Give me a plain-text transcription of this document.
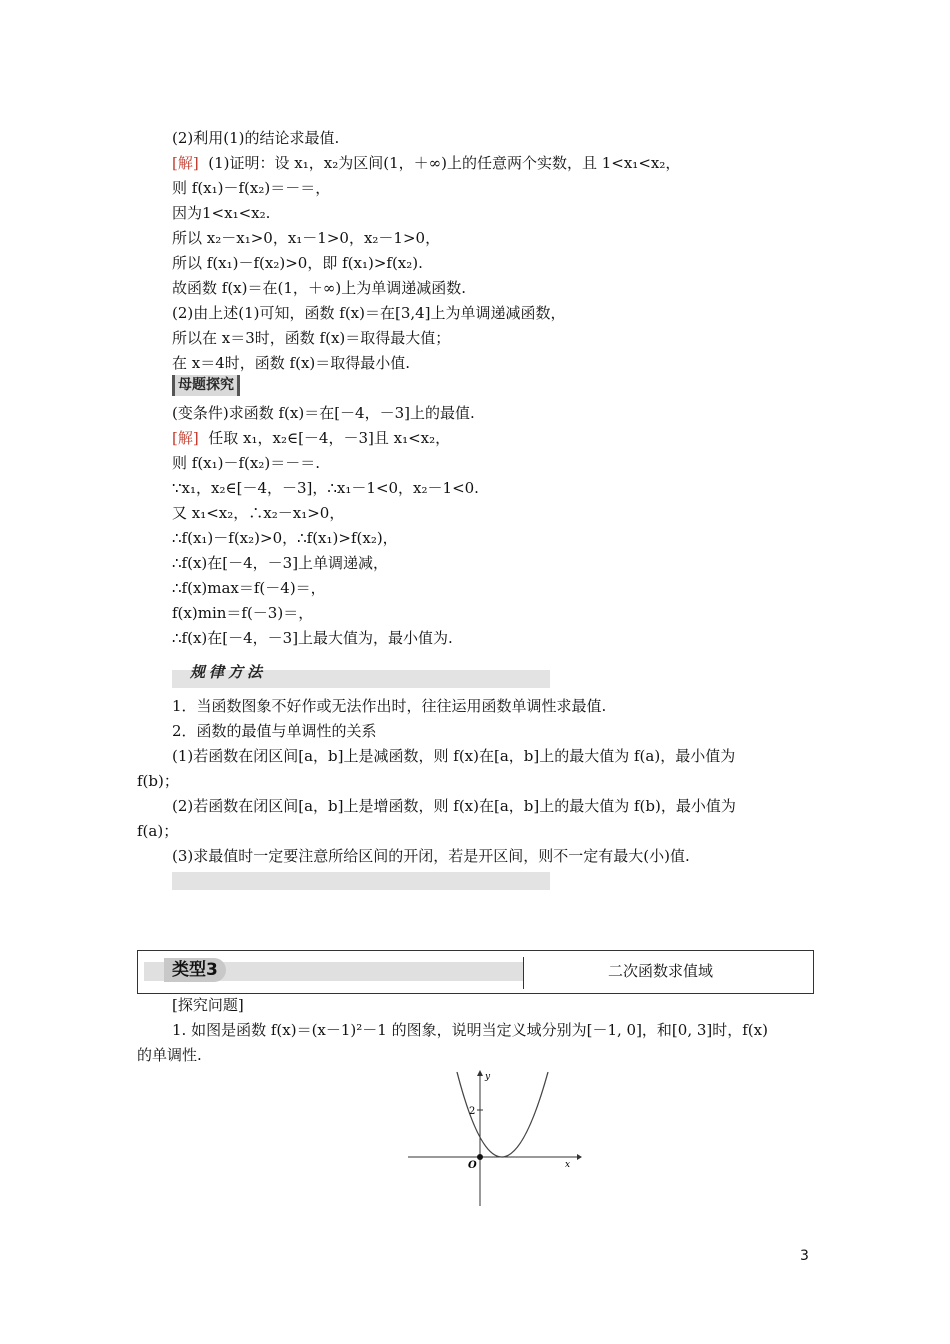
(2)利用(1)的结论求最值.
则 f(x₁)－f(x₂)＝－＝，
因为1<x₁<x₂.
所以 x₂－x₁>0，x₁－1>0，x₂－1>0，
所以 f(x₁)－f(x₂)>0，即 f(x₁)>f(x₂).
故函数 f(x)＝在(1，＋∞)上为单调递减函数.
(2)由上述(1)可知，函数 f(x)＝在[3,4]上为单调递减函数，
所以在 x＝3时，函数 f(x)＝取得最大值；
在 x＝4时，函数 f(x)＝取得最小值.
(变条件)求函数 f(x)＝在[－4，－3]上的最值.
则 f(x₁)－f(x₂)＝－＝.
∵x₁，x₂∈[－4，－3]，∴x₁－1<0，x₂－1<0.
又 x₁<x₂，∴x₂－x₁>0，
∴f(x₁)－f(x₂)>0，∴f(x₁)>f(x₂)，
∴f(x)在[－4，－3]上单调递减，
∴f(x)max＝f(－4)＝，
f(x)min＝f(－3)＝，
∴f(x)在[－4，－3]上最大值为，最小值为.
1．当函数图象不好作或无法作出时，往往运用函数单调性求最值.
2．函数的最值与单调性的关系
(1)若函数在闭区间[a，b]上是减函数，则 f(x)在[a，b]上的最大值为 f(a)，最小值为
f(b)；
(2)若函数在闭区间[a，b]上是增函数，则 f(x)在[a，b]上的最大值为 f(b)，最小值为
f(a)；
(3)求最值时一定要注意所给区间的开闭，若是开区间，则不一定有最大(小)值.
[探究问题]
1. 如图是函数 f(x)＝(x－1)²－1 的图象，说明当定义域分别为[－1, 0]，和[0, 3]时，f(x)
的单调性.
[解] (1)证明：设 x₁，x₂为区间(1，＋∞)上的任意两个实数，且 1<x₁<x₂，
[解] 任取 x₁，x₂∈[－4，－3]且 x₁<x₂，
母题探究
规律方法
类型3	二次函数求值域
y
x
O
2
3
